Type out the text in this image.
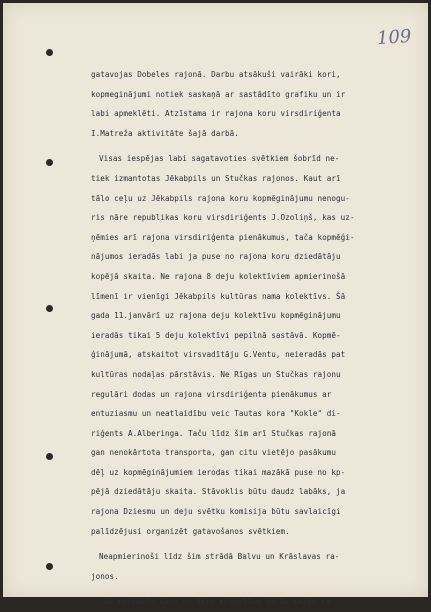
109
gatavojas Dobeles rajonā. Darbu atsākuši vairāki kori,
kopmeginājumi notiek saskaņā ar sastādīto grafiku un ir
labi apmeklēti. Atzīstama ir rajona koru virsdiriģenta
I.Matreža aktivitāte šajā darbā.
Visas iespējas labi sagatavoties svētkiem šobrīd ne-
tiek izmantotas Jēkabpils un Stučkas rajonos. Kaut arī
tālo ceļu uz Jēkabpils rajona koru kopmēginājumu nenogu-
ris nāre republikas koru virsdiriģents J.Ozoliņš, kas uz-
ņēmies arī rajona virsdiriģenta pienākumus, tača kopmēģi-
nājumos ieradās labi ja puse no rajona koru dziedātāju
kopējā skaita. Ne rajona 8 deju kolektīviem apmierinošā
līmenī ir vienīgi Jēkabpils kultūras nama kolektīvs. Šā
gada 11.janvārī uz rajona deju kolektīvu kopmēginājumu
ieradās tikai 5 deju kolektīvi pepilnā sastāvā. Kopmē-
ģinājumā, atskaitot virsvadītāju G.Ventu, neieradās pat
kultūras nodaļas pārstāvis. Ne Rīgas un Stučkas rajonu
regulāri dodas un rajona virsdiriģenta pienākumus ar
entuziasmu un neatlaidību veic Tautas kora "Kokle" di-
riģents A.Alberinga. Taču līdz šim arī Stučkas rajonā
gan nenokārtota transporta, gan citu vietējo pasākumu
dēļ uz kopmēginājumiem ierodas tikai mazākā puse no kp-
pējā dziedātāju skaita. Stāvoklis būtu daudz labāks, ja
rajona Dziesmu un deju svētku komisija būtu savlaicīgi
palīdzējusi organizēt gatavošanos svētkiem.
Neapmierinoši līdz šim strādā Balvu un Krāslavas ra-
jonos.
Lai rosinātu koru un deju kolektīvu darbu šajos ra-
